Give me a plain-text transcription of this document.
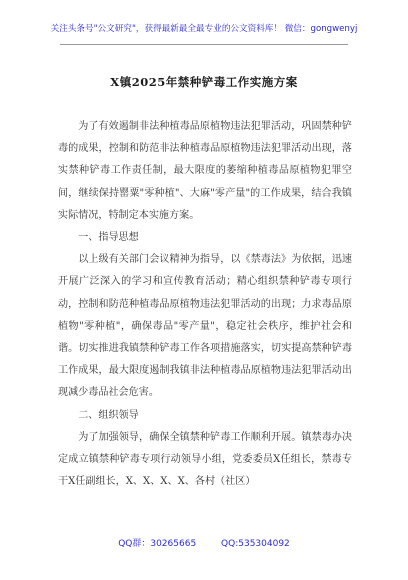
关注头条号"公文研究"，获得最新最全最专业的公文资料库！ 微信：gongwenyj
X镇2025年禁种铲毒工作实施方案

为了有效遏制非法种植毒品原植物违法犯罪活动，巩固禁种铲毒的成果，控制和防范非法种植毒品原植物违法犯罪活动出现，落实禁种铲毒工作责任制，最大限度的萎缩种植毒品原植物犯罪空间，继续保持罂粟"零种植"、大麻"零产量"的工作成果，结合我镇实际情况，特制定本实施方案。

一、指导思想

以上级有关部门会议精神为指导，以《禁毒法》为依据，迅速开展广泛深入的学习和宣传教育活动；精心组织禁种铲毒专项行动，控制和防范种植毒品原植物违法犯罪活动的出现；力求毒品原植物"零种植"，确保毒品"零产量"，稳定社会秩序，维护社会和谐。切实推进我镇禁种铲毒工作各项措施落实，切实提高禁种铲毒工作成果，最大限度遏制我镇非法种植毒品原植物违法犯罪活动出现减少毒品社会危害。

二、组织领导

为了加强领导，确保全镇禁种铲毒工作顺利开展。镇禁毒办决定成立镇禁种铲毒专项行动领导小组，党委委员X任组长，禁毒专干X任副组长，X、X、X、X、各村（社区）

QQ群：30265665	QQ:535304092
